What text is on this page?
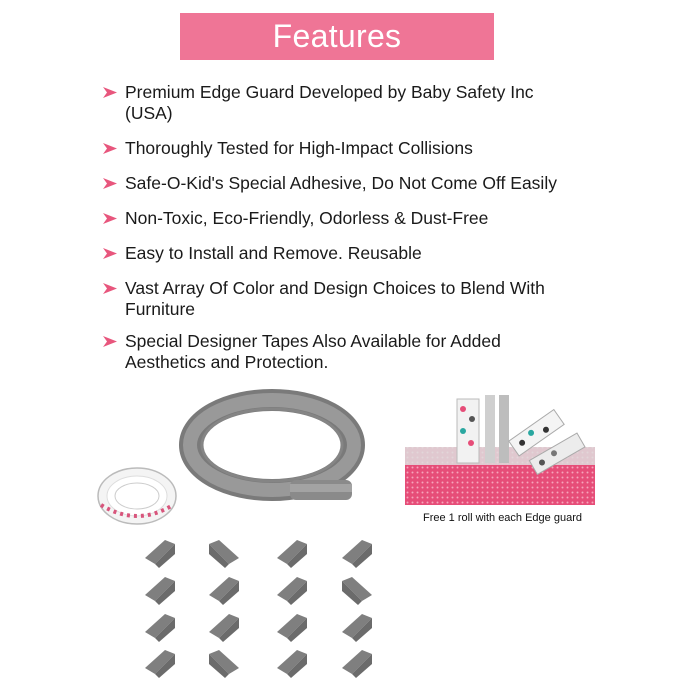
Features
Premium Edge Guard Developed by Baby Safety Inc (USA)
Thoroughly Tested for High-Impact Collisions
Safe-O-Kid's Special Adhesive, Do Not Come Off Easily
Non-Toxic, Eco-Friendly, Odorless & Dust-Free
Easy to Install and Remove. Reusable
Vast Array Of Color and Design Choices to Blend With Furniture
Special Designer Tapes Also Available for Added Aesthetics and Protection.
Free 1 roll with each Edge guard
